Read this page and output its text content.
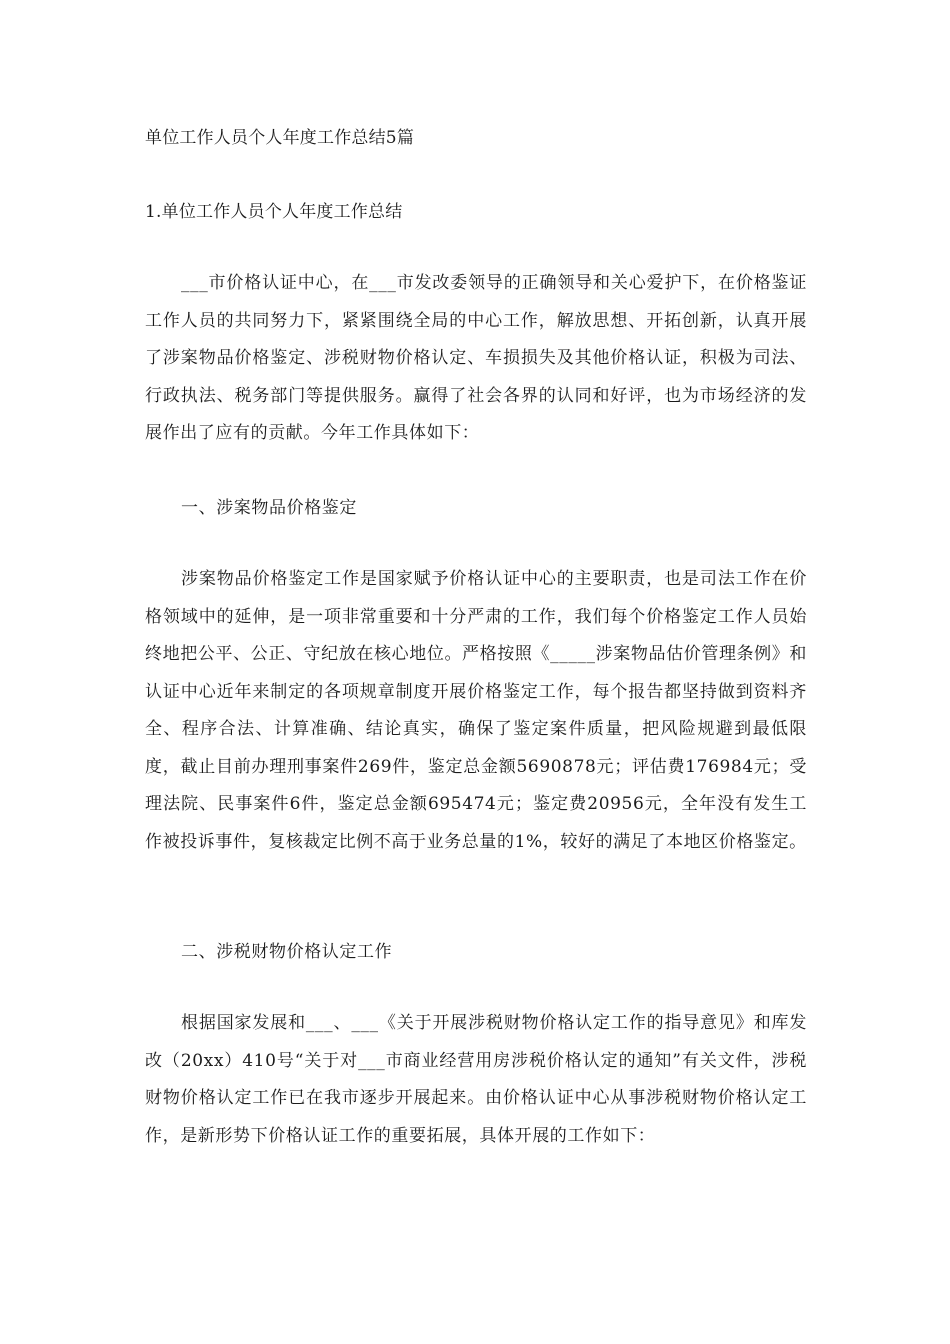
单位工作人员个人年度工作总结5篇
1.单位工作人员个人年度工作总结

___市价格认证中心，在___市发改委领导的正确领导和关心爱护下，在价格鉴证工作人员的共同努力下，紧紧围绕全局的中心工作，解放思想、开拓创新，认真开展了涉案物品价格鉴定、涉税财物价格认定、车损损失及其他价格认证，积极为司法、行政执法、税务部门等提供服务。赢得了社会各界的认同和好评，也为市场经济的发展作出了应有的贡献。今年工作具体如下：

一、涉案物品价格鉴定

涉案物品价格鉴定工作是国家赋予价格认证中心的主要职责，也是司法工作在价格领域中的延伸，是一项非常重要和十分严肃的工作，我们每个价格鉴定工作人员始终地把公平、公正、守纪放在核心地位。严格按照《_____涉案物品估价管理条例》和认证中心近年来制定的各项规章制度开展价格鉴定工作，每个报告都坚持做到资料齐全、程序合法、计算准确、结论真实，确保了鉴定案件质量，把风险规避到最低限度，截止目前办理刑事案件269件，鉴定总金额5690878元；评估费176984元；受理法院、民事案件6件，鉴定总金额695474元；鉴定费20956元，全年没有发生工作被投诉事件，复核裁定比例不高于业务总量的1%，较好的满足了本地区价格鉴定。

二、涉税财物价格认定工作

根据国家发展和___、___《关于开展涉税财物价格认定工作的指导意见》和库发改（20xx）410号“关于对___市商业经营用房涉税价格认定的通知”有关文件，涉税财物价格认定工作已在我市逐步开展起来。由价格认证中心从事涉税财物价格认定工作，是新形势下价格认证工作的重要拓展，具体开展的工作如下：
